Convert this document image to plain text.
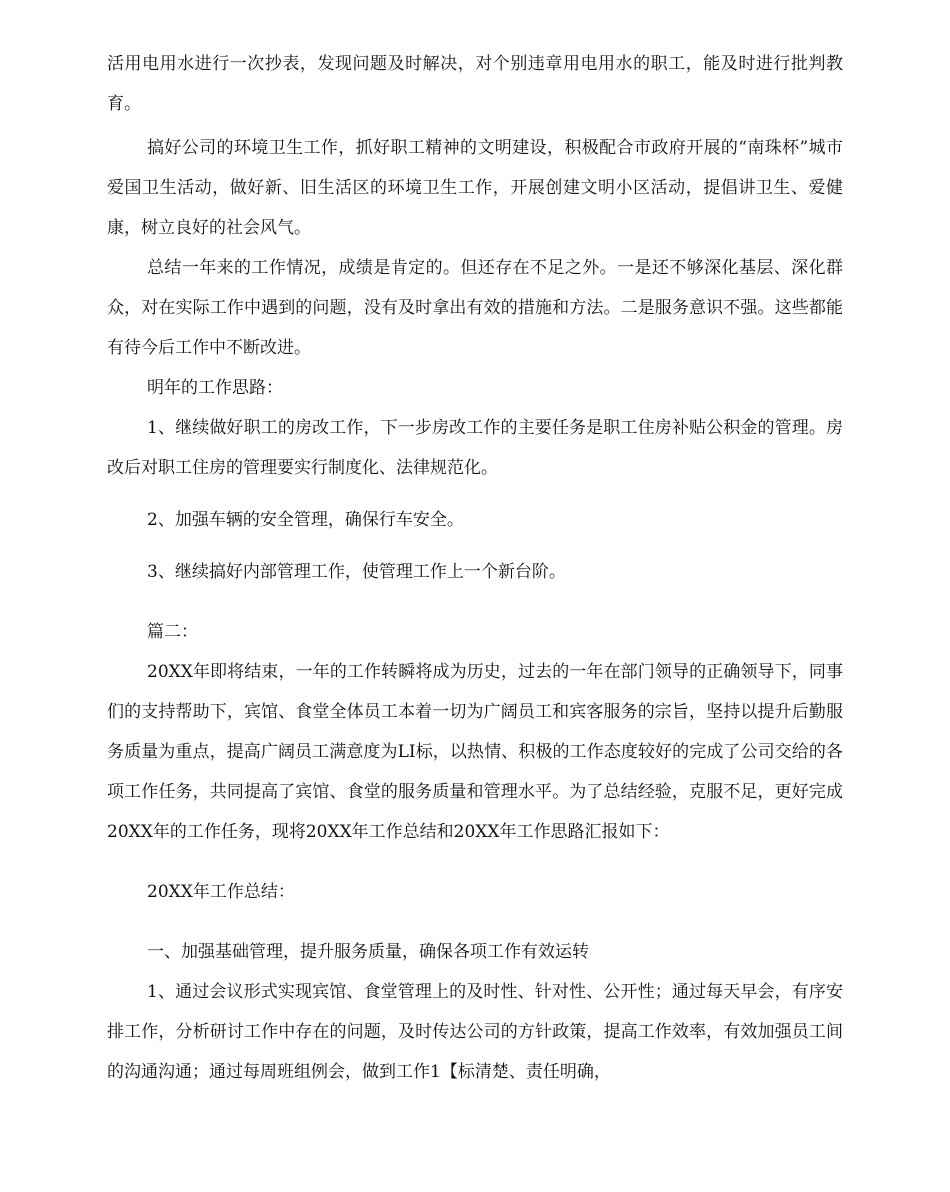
活用电用水进行一次抄表，发现问题及时解决，对个别违章用电用水的职工，能及时进行批判教育。

搞好公司的环境卫生工作，抓好职工精神的文明建设，积极配合市政府开展的“南珠杯”城市爱国卫生活动，做好新、旧生活区的环境卫生工作，开展创建文明小区活动，提倡讲卫生、爱健康，树立良好的社会风气。

总结一年来的工作情况，成绩是肯定的。但还存在不足之外。一是还不够深化基层、深化群众，对在实际工作中遇到的问题，没有及时拿出有效的措施和方法。二是服务意识不强。这些都能有待今后工作中不断改进。

明年的工作思路：

1、继续做好职工的房改工作，下一步房改工作的主要任务是职工住房补贴公积金的管理。房改后对职工住房的管理要实行制度化、法律规范化。

2、加强车辆的安全管理，确保行车安全。

3、继续搞好内部管理工作，使管理工作上一个新台阶。

篇二：

20XX年即将结束，一年的工作转瞬将成为历史，过去的一年在部门领导的正确领导下，同事们的支持帮助下，宾馆、食堂全体员工本着一切为广阔员工和宾客服务的宗旨，坚持以提升后勤服务质量为重点，提高广阔员工满意度为LI标，以热情、积极的工作态度较好的完成了公司交给的各项工作任务，共同提高了宾馆、食堂的服务质量和管理水平。为了总结经验，克服不足，更好完成20XX年的工作任务，现将20XX年工作总结和20XX年工作思路汇报如下：

20XX年工作总结：

一、加强基础管理，提升服务质量，确保各项工作有效运转

1、通过会议形式实现宾馆、食堂管理上的及时性、针对性、公开性；通过每天早会，有序安排工作，分析研讨工作中存在的问题，及时传达公司的方针政策，提高工作效率，有效加强员工间的沟通沟通；通过每周班组例会，做到工作1【标清楚、责任明确，
